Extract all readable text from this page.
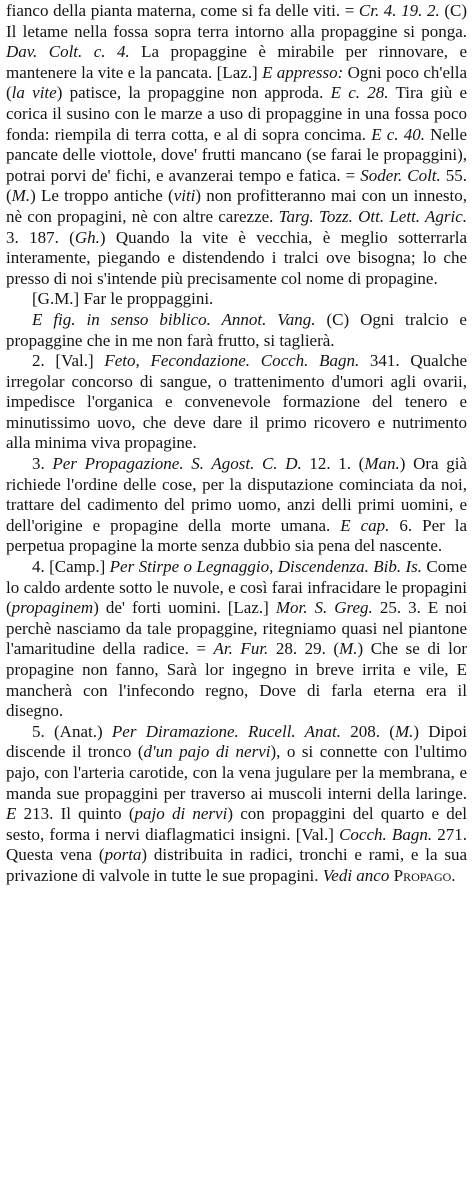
fianco della pianta materna, come si fa delle viti. = Cr. 4. 19. 2. (C) Il letame nella fossa sopra terra intorno alla propaggine si ponga. Dav. Colt. c. 4. La propaggine è mirabile per rinnovare, e mantenere la vite e la pancata. [Laz.] E appresso: Ogni poco ch'ella (la vite) patisce, la propaggine non approda. E c. 28. Tira giù e corica il susino con le marze a uso di propaggine in una fossa poco fonda: riempila di terra cotta, e al di sopra concima. E c. 40. Nelle pancate delle viottole, dove' frutti mancano (se farai le propaggini), potrai porvi de' fichi, e avanzerai tempo e fatica. = Soder. Colt. 55. (M.) Le troppo antiche (viti) non profitteranno mai con un innesto, nè con propagini, nè con altre carezze. Targ. Tozz. Ott. Lett. Agric. 3. 187. (Gh.) Quando la vite è vecchia, è meglio sotterrarla interamente, piegando e distendendo i tralci ove bisogna; lo che presso di noi s'intende più precisamente col nome di propagine.

[G.M.] Far le proppaggini.

E fig. in senso biblico. Annot. Vang. (C) Ogni tralcio e propaggine che in me non farà frutto, si taglierà.

2. [Val.] Feto, Fecondazione. Cocch. Bagn. 341. Qualche irregolar concorso di sangue, o trattenimento d'umori agli ovarii, impedisce l'organica e convenevole formazione del tenero e minutissimo uovo, che deve dare il primo ricovero e nutrimento alla minima viva propagine.

3. Per Propagazione. S. Agost. C. D. 12. 1. (Man.) Ora già richiede l'ordine delle cose, per la disputazione cominciata da noi, trattare del cadimento del primo uomo, anzi delli primi uomini, e dell'origine e propagine della morte umana. E cap. 6. Per la perpetua propagine la morte senza dubbio sia pena del nascente.

4. [Camp.] Per Stirpe o Legnaggio, Discendenza. Bib. Is. Come lo caldo ardente sotto le nuvole, e così farai infracidare le propagini (propaginem) de' forti uomini. [Laz.] Mor. S. Greg. 25. 3. E noi perchè nasciamo da tale propaggine, ritegniamo quasi nel piantone l'amaritudine della radice. = Ar. Fur. 28. 29. (M.) Che se di lor propagine non fanno, Sarà lor ingegno in breve irrita e vile, E mancherà con l'infecondo regno, Dove di farla eterna era il disegno.

5. (Anat.) Per Diramazione. Rucell. Anat. 208. (M.) Dipoi discende il tronco (d'un pajo di nervi), o si connette con l'ultimo pajo, con l'arteria carotide, con la vena jugulare per la membrana, e manda sue propaggini per traverso ai muscoli interni della laringe. E 213. Il quinto (pajo di nervi) con propaggini del quarto e del sesto, forma i nervi diaflagmatici insigni. [Val.] Cocch. Bagn. 271. Questa vena (porta) distribuita in radici, tronchi e rami, e la sua privazione di valvole in tutte le sue propagini. Vedi anco Propago.
